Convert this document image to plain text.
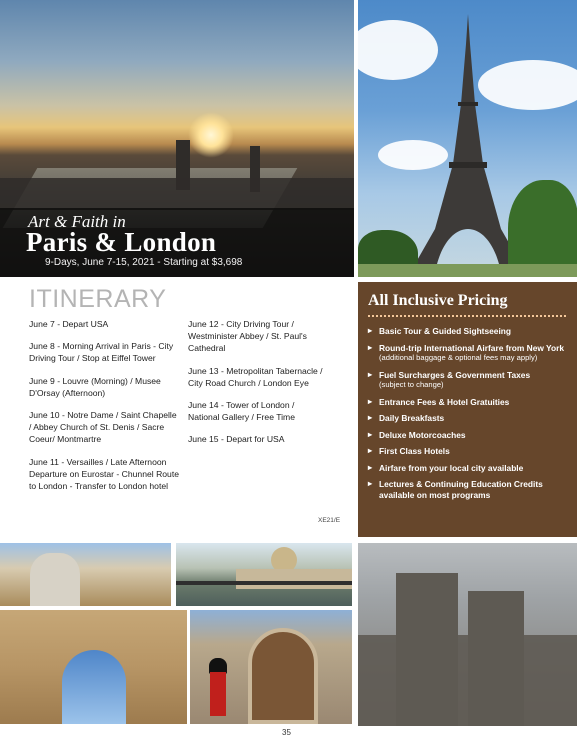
Art & Faith in
Paris & London
9-Days, June 7-15, 2021 - Starting at $3,698
ITINERARY

June 7 - Depart USA

June 8 - Morning Arrival in Paris - City Driving Tour / Stop at Eiffel Tower

June 9 - Louvre (Morning) / Musee D'Orsay (Afternoon)

June 10 - Notre Dame / Saint Chapelle / Abbey Church of St. Denis / Sacre Coeur/ Montmartre

June 11 - Versailles / Late Afternoon Departure on Eurostar - Chunnel Route to London - Transfer to London hotel

June 12 - City Driving Tour / Westminister Abbey / St. Paul's Cathedral

June 13 - Metropolitan Tabernacle / City Road Church / London Eye

June 14 - Tower of London / National Gallery / Free Time

June 15 - Depart for USA

XE21/E
All Inclusive Pricing
▸ Basic Tour & Guided Sightseeing
▸ Round-trip International Airfare from New York
(additional baggage & optional fees may apply)
▸ Fuel Surcharges & Government Taxes
(subject to change)
▸ Entrance Fees & Hotel Gratuities
▸ Daily Breakfasts
▸ Deluxe Motorcoaches
▸ First Class Hotels
▸ Airfare from your local city available
▸ Lectures & Continuing Education Credits available on most programs
35
